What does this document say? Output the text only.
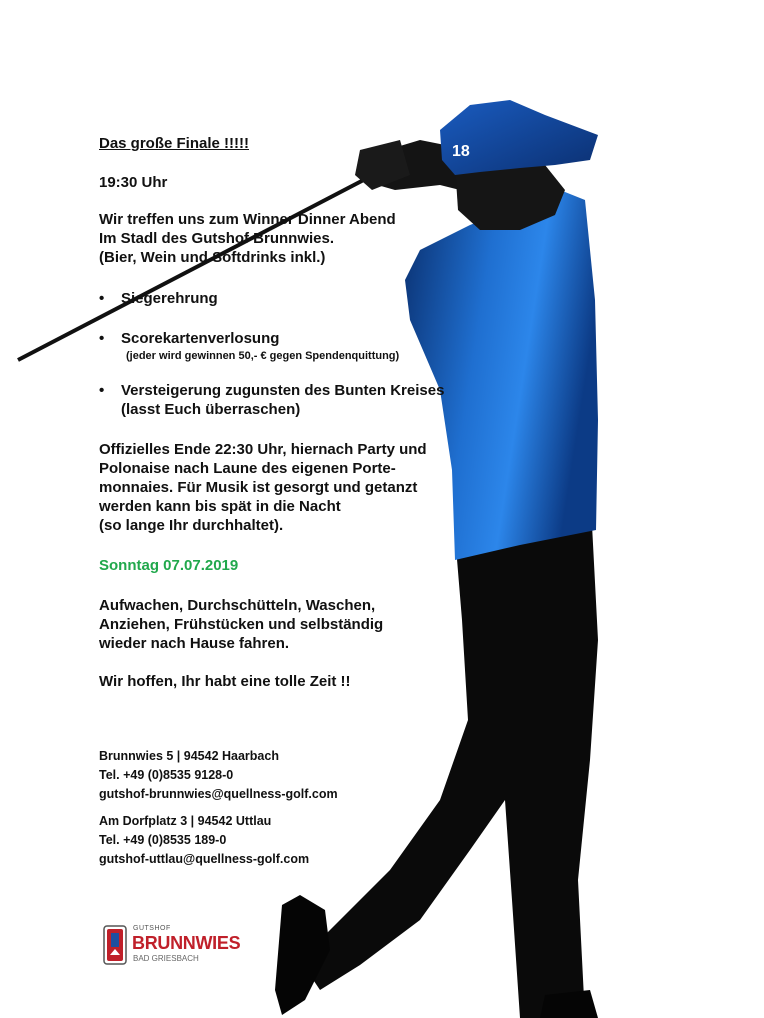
18
Das große Finale !!!!!
19:30 Uhr
Wir treffen uns zum Winner Dinner Abend
Im Stadl des Gutshof Brunnwies.
(Bier, Wein und Softdrinks inkl.)
•	Siegerehrung
•	Scorekartenverlosung
(jeder wird gewinnen 50,- € gegen Spendenquittung)
•	Versteigerung zugunsten des Bunten Kreises
(lasst Euch überraschen)
Offizielles Ende 22:30 Uhr, hiernach Party und
Polonaise nach Laune des eigenen Porte-
monnaies. Für Musik ist gesorgt und getanzt
werden kann bis spät in die Nacht
(so lange Ihr durchhaltet).
Sonntag 07.07.2019
Aufwachen, Durchschütteln, Waschen,
Anziehen, Frühstücken und selbständig
wieder nach Hause fahren.
Wir hoffen, Ihr habt eine tolle Zeit !!
Brunnwies 5 | 94542 Haarbach
Tel. +49 (0)8535 9128-0
gutshof-brunnwies@quellness-golf.com
Am Dorfplatz 3 | 94542 Uttlau
Tel. +49 (0)8535 189-0
gutshof-uttlau@quellness-golf.com
GUTSHOF
BRUNNWIES
BAD GRIESBACH
